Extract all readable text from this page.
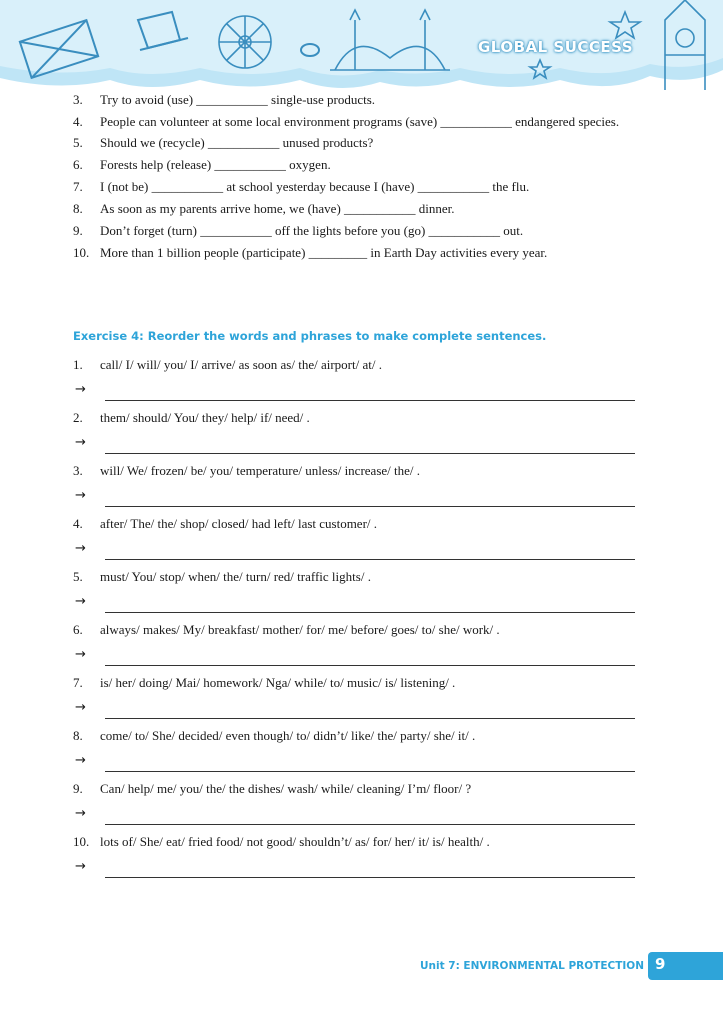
GLOBAL SUCCESS
3.	Try to avoid (use) ___________ single-use products.
4.	People can volunteer at some local environment programs (save) ___________ endangered species.
5.	Should we (recycle) ___________ unused products?
6.	Forests help (release) ___________ oxygen.
7.	I (not be) ___________ at school yesterday because I (have) ___________ the flu.
8.	As soon as my parents arrive home, we (have) ___________ dinner.
9.	Don’t forget (turn) ___________ off the lights before you (go) ___________ out.
10. More than 1 billion people (participate) _________ in Earth Day activities every year.
Exercise 4: Reorder the words and phrases to make complete sentences.
1.	call/ I/ will/ you/ I/ arrive/ as soon as/ the/ airport/ at/ .
→
2.	them/ should/ You/ they/ help/ if/ need/ .
→
3.	will/ We/ frozen/ be/ you/ temperature/ unless/ increase/ the/ .
→
4.	after/ The/ the/ shop/ closed/ had left/ last customer/ .
→
5.	must/ You/ stop/ when/ the/ turn/ red/ traffic lights/ .
→
6.	always/ makes/ My/ breakfast/ mother/ for/ me/ before/ goes/ to/ she/ work/ .
→
7.	is/ her/ doing/ Mai/ homework/ Nga/ while/ to/ music/ is/ listening/ .
→
8.	come/ to/ She/ decided/ even though/ to/ didn’t/ like/ the/ party/ she/ it/ .
→
9.	Can/ help/ me/ you/ the/ the dishes/ wash/ while/ cleaning/ I’m/ floor/ ?
→
10. lots of/ She/ eat/ fried food/ not good/ shouldn’t/ as/ for/ her/ it/ is/ health/ .
→
Unit 7: ENVIRONMENTAL PROTECTION 9
